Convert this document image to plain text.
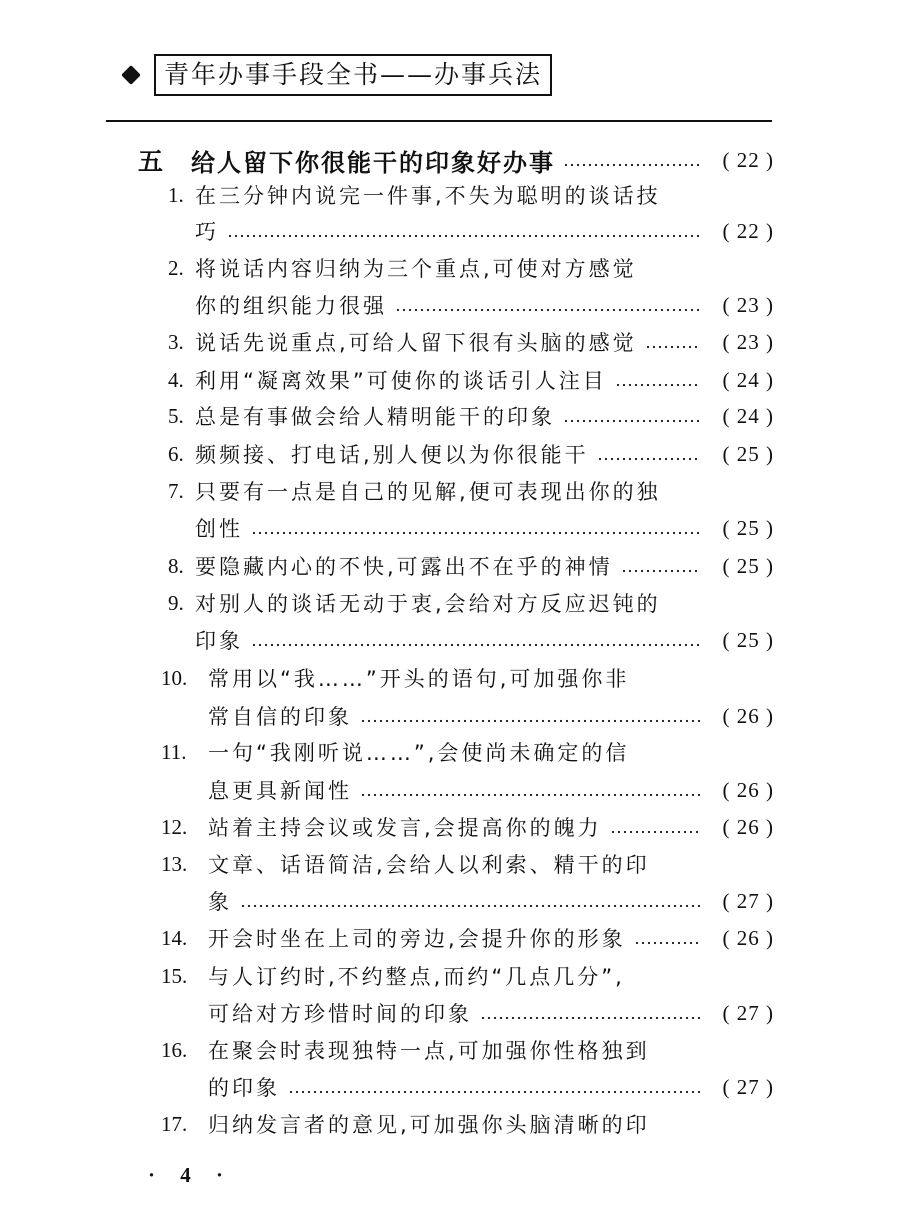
青年办事手段全书——办事兵法
五 给人留下你很能干的印象好办事	( 22 )
1. 在三分钟内说完一件事,不失为聪明的谈话技
巧	( 22 )
2. 将说话内容归纳为三个重点,可使对方感觉
你的组织能力很强	( 23 )
3. 说话先说重点,可给人留下很有头脑的感觉	( 23 )
4. 利用“凝离效果”可使你的谈话引人注目	( 24 )
5. 总是有事做会给人精明能干的印象	( 24 )
6. 频频接、打电话,别人便以为你很能干	( 25 )
7. 只要有一点是自己的见解,便可表现出你的独
创性	( 25 )
8. 要隐藏内心的不快,可露出不在乎的神情	( 25 )
9. 对别人的谈话无动于衷,会给对方反应迟钝的
印象	( 25 )
10. 常用以“我……”开头的语句,可加强你非
常自信的印象	( 26 )
11.	一句“我刚听说……”,会使尚未确定的信
息更具新闻性	( 26 )
12. 站着主持会议或发言,会提高你的魄力	( 26 )
13. 文章、话语简洁,会给人以利索、精干的印
象	( 27 )
14. 开会时坐在上司的旁边,会提升你的形象	( 26 )
15. 与人订约时,不约整点,而约“几点几分”,
可给对方珍惜时间的印象	( 27 )
16. 在聚会时表现独特一点,可加强你性格独到
的印象	( 27 )
17. 归纳发言者的意见,可加强你头脑清晰的印
· 4 ·
